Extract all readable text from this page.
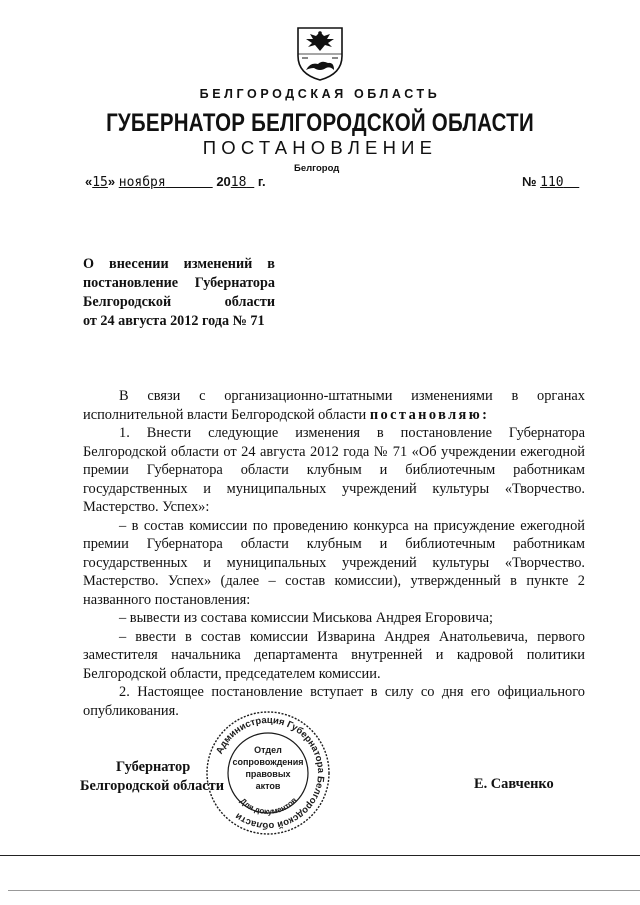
БЕЛГОРОДСКАЯ ОБЛАСТЬ
ГУБЕРНАТОР БЕЛГОРОДСКОЙ ОБЛАСТИ
ПОСТАНОВЛЕНИЕ
Белгород
«15» ноября	2018 г.	№ 110
О внесении изменений в
постановление Губернатора
Белгородской	области
от 24 августа 2012 года № 71

В связи с организационно-штатными изменениями в органах исполнительной власти Белгородской области постановляю:

1. Внести следующие изменения в постановление Губернатора Белгородской области от 24 августа 2012 года № 71 «Об учреждении ежегодной премии Губернатора области клубным и библиотечным работникам государственных и муниципальных учреждений культуры «Творчество. Мастерство. Успех»:

– в состав комиссии по проведению конкурса на присуждение ежегодной премии Губернатора области клубным и библиотечным работникам государственных и муниципальных учреждений культуры «Творчество. Мастерство. Успех» (далее – состав комиссии), утвержденный в пункте 2 названного постановления:

– вывести из состава комиссии Миськова Андрея Егоровича;

– ввести в состав комиссии Изварина Андрея Анатольевича, первого заместителя начальника департамента внутренней и кадровой политики Белгородской области, председателем комиссии.

2. Настоящее постановление вступает в силу со дня его официального опубликования.

Губернатор
Белгородской области
Администрация Губернатора Белгородской области
Отдел
сопровождения
правовых
актов
Для документов
Е. Савченко
